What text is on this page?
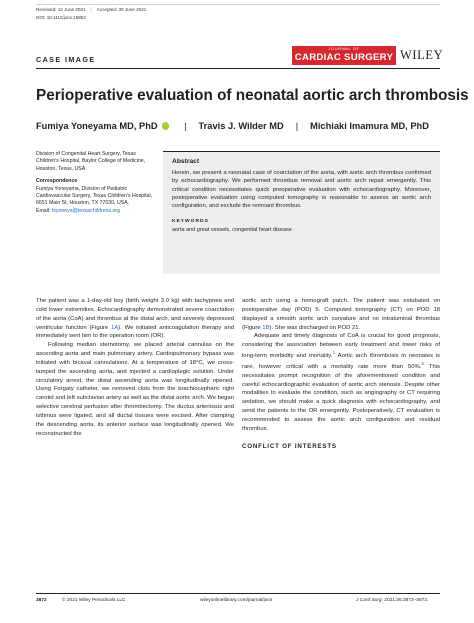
Received: 12 June 2021 | Accepted: 30 June 2021
DOI: 10.1111/jocs.15852
CASE IMAGE
JOURNAL OF
CARDIAC SURGERY WILEY
Perioperative evaluation of neonatal aortic arch thrombosis
Fumiya Yoneyama MD, PhD	| Travis J. Wilder MD | Michiaki Imamura MD, PhD

Division of Congenital Heart Surgery, Texas Children's Hospital, Baylor College of Medicine, Houston, Texas, USA

Correspondence

Fumiya Yoneyama, Division of Pediatric Cardiovascular Surgery, Texas Children's Hospital, 6651 Main St, Houston, TX 77030, USA.

Email: fxyoneya@texaschildrens.org

Abstract
Herein, we present a neonatal case of coarctation of the aorta, with aortic arch thrombus confirmed by echocardiography. We performed thrombus removal and aortic arch repair emergently. This critical condition necessitates quick preoperative evaluation with echocardiography. Moreover, postoperative evaluation using computed tomography is reasonable to assess an aortic arch configuration, and exclude the remnant thrombus.
KEYWORDS
aorta and great vessels, congenital heart disease

The patient was a 1-day-old boy (birth weight 3.0 kg) with tachypnea and cold lower extremities. Echocardiography demonstrated severe coarctation of the aorta (CoA) and thrombus at the distal arch, and severely depressed ventricular function (Figure 1A). We initiated anticoagulation therapy and immediately sent him to the operation room (OR).

Following median sternotomy, we placed arterial cannulas on the ascending aorta and main pulmonary artery. Cardiopulmonary bypass was initiated with bicaval cannulations. At a temperature of 18°C, we cross-lamped the ascending aorta, and injected a cardioplegic solution. Under circulatory arrest, the distal ascending aorta was longitudinally opened. Using Forgaty catheter, we removed clots from the brachiocepharic right carotid and left subclavian artery as well as the distal aortic arch. We began selective cerebral perfusion after thrombectomy. The ductus arteriosus and isthmus were ligated, and all ductal tissues were excised. After clamping the descending aorta, its anterior surface was longitudinally opened. We reconstructed the

aortic arch using a homograft patch. The patient was extubated on postoperative day (POD) 5. Computed tomography (CT) on POD 18 displayed a smooth aortic arch curvature and no intraluminal thrombus (Figure 1B). She was discharged on POD 21.

Adequate and timely diagnosis of CoA is crucial for good prognosis, considering the association between early treatment and lower risks of long-term morbidity and mortality.$^1$ Aortic arch thrombosis in neonates is rare, however critical with a mortality rate more than 50%.$^2$ This necessitates prompt recognition of the aforementioned condition and careful echocardiographic evaluation of aortic arch stenosis. Despite other modalities to evaluate the condition, such as angiography or CT requiring sedation, we should make a quick diagnosis with echocardiography, and send the patients to the OR emergently. Postoperatively, CT evaluation is recommended to assess the aortic arch configuration and residual thrombus.

CONFLICT OF INTERESTS
3872	© 2021 Wiley Periodicals LLC	wileyonlinelibrary.com/journal/jocs	J Card Surg. 2021;36:3872–3873.
